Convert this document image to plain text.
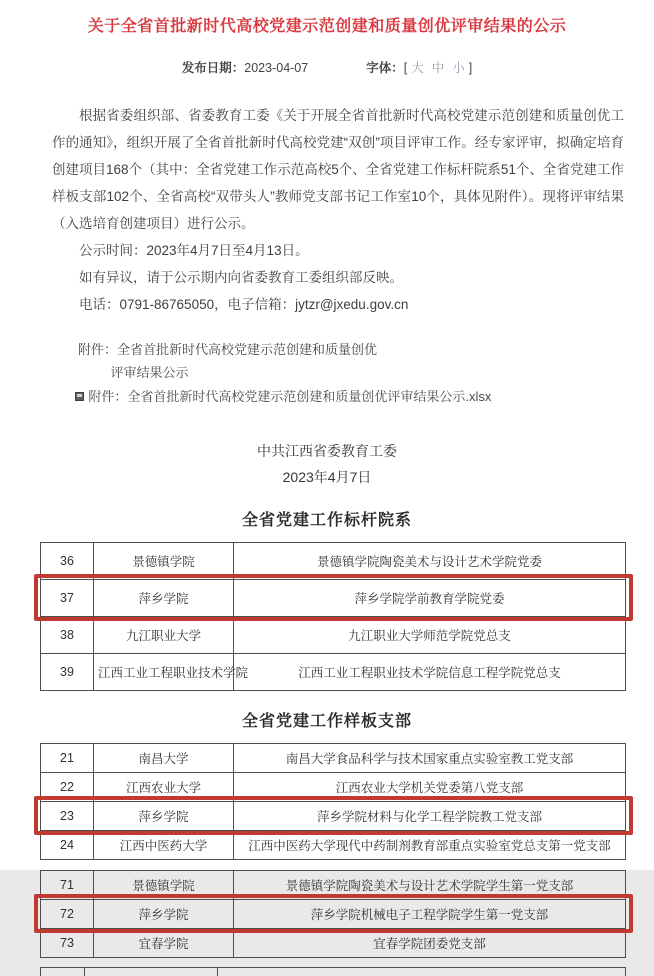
关于全省首批新时代高校党建示范创建和质量创优评审结果的公示
发布日期：2023-04-07	字体：[ 大 中 小 ]

根据省委组织部、省委教育工委《关于开展全省首批新时代高校党建示范创建和质量创优工作的通知》，组织开展了全省首批新时代高校党建“双创”项目评审工作。经专家评审，拟确定培育创建项目168个（其中：全省党建工作示范高校5个、全省党建工作标杆院系51个、全省党建工作样板支部102个、全省高校“双带头人”教师党支部书记工作室10个，具体见附件）。现将评审结果（入选培育创建项目）进行公示。

公示时间：2023年4月7日至4月13日。

如有异议，请于公示期内向省委教育工委组织部反映。

电话：0791-86765050，电子信箱：jytzr@jxedu.gov.cn

附件：全省首批新时代高校党建示范创建和质量创优
评审结果公示
附件：全省首批新时代高校党建示范创建和质量创优评审结果公示.xlsx
中共江西省委教育工委
2023年4月7日
全省党建工作标杆院系
36	景德镇学院	景德镇学院陶瓷美术与设计艺术学院党委
37	萍乡学院	萍乡学院学前教育学院党委
38	九江职业大学	九江职业大学师范学院党总支
39	江西工业工程职业技术学院	江西工业工程职业技术学院信息工程学院党总支
全省党建工作样板支部
21	南昌大学	南昌大学食品科学与技术国家重点实验室教工党支部
22	江西农业大学	江西农业大学机关党委第八党支部
23	萍乡学院	萍乡学院材料与化学工程学院教工党支部
24	江西中医药大学	江西中医药大学现代中药制剂教育部重点实验室党总支第一党支部
71	景德镇学院	景德镇学院陶瓷美术与设计艺术学院学生第一党支部
72	萍乡学院	萍乡学院机械电子工程学院学生第一党支部
73	宜春学院	宜春学院团委党支部
